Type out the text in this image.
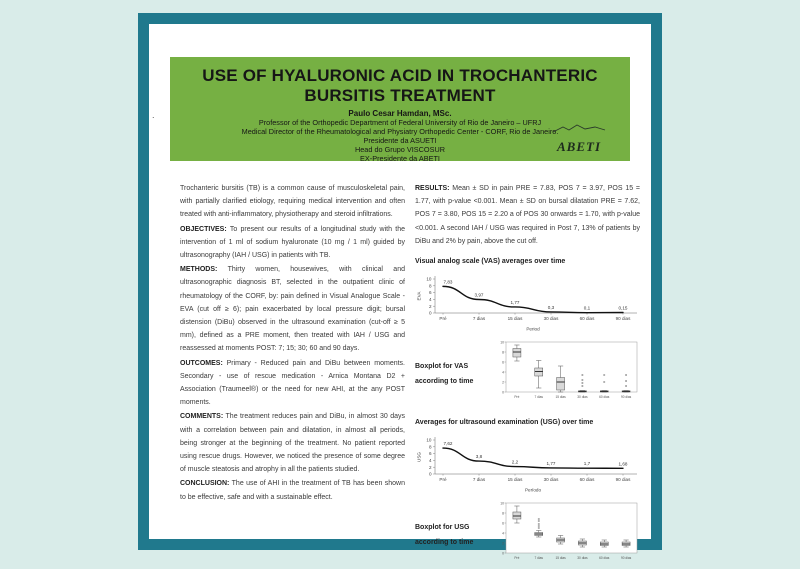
.
USE OF HYALURONIC ACID IN TROCHANTERIC
BURSITIS TREATMENT
Paulo Cesar Hamdan, MSc.
Professor of the Orthopedic Department of Federal University of Rio de Janeiro – UFRJ
Medical Director of the Rheumatological and Physiatry Orthopedic Center - CORF, Rio de Janeiro.
Presidente da ASUETI
Head do Grupo VISCOSUR
EX-Presidente da ABETI
ABETI

Trochanteric bursitis (TB) is a common cause of musculoskeletal pain, with partially clarified etiology, requiring medical intervention and often treated with anti-inflammatory, physiotherapy and steroid infiltrations.

OBJECTIVES: To present our results of a longitudinal study with the intervention of 1 ml of sodium hyaluronate (10 mg / 1 ml) guided by ultrasonography (IAH / USG) in patients with TB.

METHODS: Thirty women, housewives, with clinical and ultrasonographic diagnosis BT, selected in the outpatient clinic of rheumatology of the CORF, by: pain defined in Visual Analogue Scale - EVA (cut off ≥ 6); pain exacerbated by local pressure digit; bursal distension (DiBu) observed in the ultrasound examination (cut-off ≥ 5 mm), defined as a PRE moment, then treated with IAH / USG and reassessed at moments POST: 7; 15; 30; 60 and 90 days.

OUTCOMES: Primary - Reduced pain and DiBu between moments. Secondary - use of rescue medication - Arnica Montana D2 + Association (Traumeel®) or the need for new AHI, at the any POST moments.

COMMENTS: The treatment reduces pain and DiBu, in almost 30 days with a correlation between pain and dilatation, in almost all periods, being stronger at the beginning of the treatment. No patient reported using rescue drugs. However, we noticed the presence of some degree of muscle steatosis and atrophy in all the patients studied.

CONCLUSION: The use of AHI in the treatment of TB has been shown to be effective, safe and with a sustainable effect.

RESULTS: Mean ± SD in pain PRE = 7.83, POS 7 = 3.97, POS 15 = 1.77, with p-value <0.001. Mean ± SD on bursal dilatation PRE = 7.62, POS 7 = 3.80, POS 15 = 2.20 a of POS 30 onwards = 1.70, with p-value <0.001. A second IAH / USG was required in Post 7, 13% of patients by DiBu and 2% by pain, above the cut off.

Visual analog scale (VAS) averages over time
0
2
4
6
8
10
Pré	7 dias	15 dias	30 dias	60 dias	90 dias
Period
EVA
7,83
3,97
1,77
0,3	0,1	0,15
Boxplot for VAS
according to time
0
2
4
6
8
10
Pré	7 dias	15 dias	30 dias	60 dias	90 dias
Averages for ultrasound examination (USG) over time
0
2
4
6
8
10
Pré	7 dias	15 dias	30 dias	60 dias	90 dias
Período
USG
7,62
3,8
2,2	1,77	1,7	1,68
Boxplot for USG
according to time
0
2
4
6
8
10
Pré	7 dias	15 dias	30 dias	60 dias	90 dias
